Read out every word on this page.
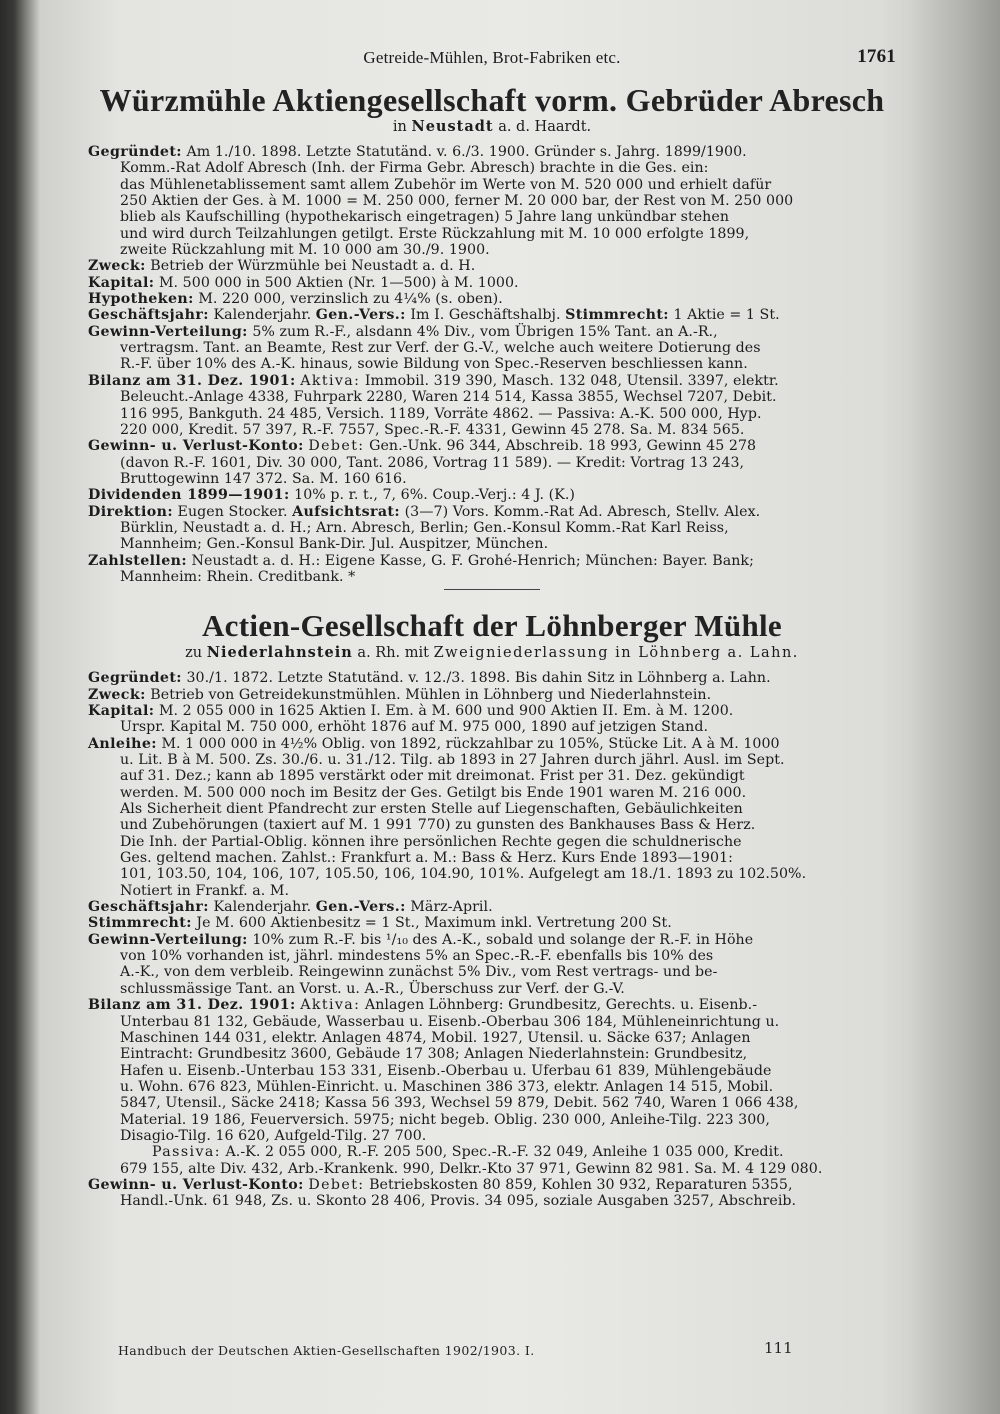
Getreide-Mühlen, Brot-Fabriken etc.	1761
Würzmühle Aktiengesellschaft vorm. Gebrüder Abresch
in Neustadt a. d. Haardt.
Gegründet: Am 1./10. 1898. Letzte Statutänd. v. 6./3. 1900. Gründer s. Jahrg. 1899/1900.
Komm.-Rat Adolf Abresch (Inh. der Firma Gebr. Abresch) brachte in die Ges. ein:
das Mühlenetablissement samt allem Zubehör im Werte von M. 520 000 und erhielt dafür
250 Aktien der Ges. à M. 1000 = M. 250 000, ferner M. 20 000 bar, der Rest von M. 250 000
blieb als Kaufschilling (hypothekarisch eingetragen) 5 Jahre lang unkündbar stehen
und wird durch Teilzahlungen getilgt. Erste Rückzahlung mit M. 10 000 erfolgte 1899,
zweite Rückzahlung mit M. 10 000 am 30./9. 1900.
Zweck: Betrieb der Würzmühle bei Neustadt a. d. H.
Kapital: M. 500 000 in 500 Aktien (Nr. 1—500) à M. 1000.
Hypotheken: M. 220 000, verzinslich zu 4¼% (s. oben).
Geschäftsjahr: Kalenderjahr. Gen.-Vers.: Im I. Geschäftshalbj. Stimmrecht: 1 Aktie = 1 St.
Gewinn-Verteilung: 5% zum R.-F., alsdann 4% Div., vom Übrigen 15% Tant. an A.-R.,
vertragsm. Tant. an Beamte, Rest zur Verf. der G.-V., welche auch weitere Dotierung des
R.-F. über 10% des A.-K. hinaus, sowie Bildung von Spec.-Reserven beschliessen kann.
Bilanz am 31. Dez. 1901: Aktiva: Immobil. 319 390, Masch. 132 048, Utensil. 3397, elektr.
Beleucht.-Anlage 4338, Fuhrpark 2280, Waren 214 514, Kassa 3855, Wechsel 7207, Debit.
116 995, Bankguth. 24 485, Versich. 1189, Vorräte 4862. — Passiva: A.-K. 500 000, Hyp.
220 000, Kredit. 57 397, R.-F. 7557, Spec.-R.-F. 4331, Gewinn 45 278. Sa. M. 834 565.
Gewinn- u. Verlust-Konto: Debet: Gen.-Unk. 96 344, Abschreib. 18 993, Gewinn 45 278
(davon R.-F. 1601, Div. 30 000, Tant. 2086, Vortrag 11 589). — Kredit: Vortrag 13 243,
Bruttogewinn 147 372. Sa. M. 160 616.
Dividenden 1899—1901: 10% p. r. t., 7, 6%. Coup.-Verj.: 4 J. (K.)
Direktion: Eugen Stocker. Aufsichtsrat: (3—7) Vors. Komm.-Rat Ad. Abresch, Stellv. Alex.
Bürklin, Neustadt a. d. H.; Arn. Abresch, Berlin; Gen.-Konsul Komm.-Rat Karl Reiss,
Mannheim; Gen.-Konsul Bank-Dir. Jul. Auspitzer, München.
Zahlstellen: Neustadt a. d. H.: Eigene Kasse, G. F. Grohé-Henrich; München: Bayer. Bank;
Mannheim: Rhein. Creditbank. *
Actien-Gesellschaft der Löhnberger Mühle
zu Niederlahnstein a. Rh. mit Zweigniederlassung in Löhnberg a. Lahn.
Gegründet: 30./1. 1872. Letzte Statutänd. v. 12./3. 1898. Bis dahin Sitz in Löhnberg a. Lahn.
Zweck: Betrieb von Getreidekunstmühlen. Mühlen in Löhnberg und Niederlahnstein.
Kapital: M. 2 055 000 in 1625 Aktien I. Em. à M. 600 und 900 Aktien II. Em. à M. 1200.
Urspr. Kapital M. 750 000, erhöht 1876 auf M. 975 000, 1890 auf jetzigen Stand.
Anleihe: M. 1 000 000 in 4½% Oblig. von 1892, rückzahlbar zu 105%, Stücke Lit. A à M. 1000
u. Lit. B à M. 500. Zs. 30./6. u. 31./12. Tilg. ab 1893 in 27 Jahren durch jährl. Ausl. im Sept.
auf 31. Dez.; kann ab 1895 verstärkt oder mit dreimonat. Frist per 31. Dez. gekündigt
werden. M. 500 000 noch im Besitz der Ges. Getilgt bis Ende 1901 waren M. 216 000.
Als Sicherheit dient Pfandrecht zur ersten Stelle auf Liegenschaften, Gebäulichkeiten
und Zubehörungen (taxiert auf M. 1 991 770) zu gunsten des Bankhauses Bass & Herz.
Die Inh. der Partial-Oblig. können ihre persönlichen Rechte gegen die schuldnerische
Ges. geltend machen. Zahlst.: Frankfurt a. M.: Bass & Herz. Kurs Ende 1893—1901:
101, 103.50, 104, 106, 107, 105.50, 106, 104.90, 101%. Aufgelegt am 18./1. 1893 zu 102.50%.
Notiert in Frankf. a. M.
Geschäftsjahr: Kalenderjahr. Gen.-Vers.: März-April.
Stimmrecht: Je M. 600 Aktienbesitz = 1 St., Maximum inkl. Vertretung 200 St.
Gewinn-Verteilung: 10% zum R.-F. bis ¹/₁₀ des A.-K., sobald und solange der R.-F. in Höhe
von 10% vorhanden ist, jährl. mindestens 5% an Spec.-R.-F. ebenfalls bis 10% des
A.-K., von dem verbleib. Reingewinn zunächst 5% Div., vom Rest vertrags- und be-
schlussmässige Tant. an Vorst. u. A.-R., Überschuss zur Verf. der G.-V.
Bilanz am 31. Dez. 1901: Aktiva: Anlagen Löhnberg: Grundbesitz, Gerechts. u. Eisenb.-
Unterbau 81 132, Gebäude, Wasserbau u. Eisenb.-Oberbau 306 184, Mühleneinrichtung u.
Maschinen 144 031, elektr. Anlagen 4874, Mobil. 1927, Utensil. u. Säcke 637; Anlagen
Eintracht: Grundbesitz 3600, Gebäude 17 308; Anlagen Niederlahnstein: Grundbesitz,
Hafen u. Eisenb.-Unterbau 153 331, Eisenb.-Oberbau u. Uferbau 61 839, Mühlengebäude
u. Wohn. 676 823, Mühlen-Einricht. u. Maschinen 386 373, elektr. Anlagen 14 515, Mobil.
5847, Utensil., Säcke 2418; Kassa 56 393, Wechsel 59 879, Debit. 562 740, Waren 1 066 438,
Material. 19 186, Feuerversich. 5975; nicht begeb. Oblig. 230 000, Anleihe-Tilg. 223 300,
Disagio-Tilg. 16 620, Aufgeld-Tilg. 27 700.
Passiva: A.-K. 2 055 000, R.-F. 205 500, Spec.-R.-F. 32 049, Anleihe 1 035 000, Kredit.
679 155, alte Div. 432, Arb.-Krankenk. 990, Delkr.-Kto 37 971, Gewinn 82 981. Sa. M. 4 129 080.
Gewinn- u. Verlust-Konto: Debet: Betriebskosten 80 859, Kohlen 30 932, Reparaturen 5355,
Handl.-Unk. 61 948, Zs. u. Skonto 28 406, Provis. 34 095, soziale Ausgaben 3257, Abschreib.
Handbuch der Deutschen Aktien-Gesellschaften 1902/1903. I.	111
